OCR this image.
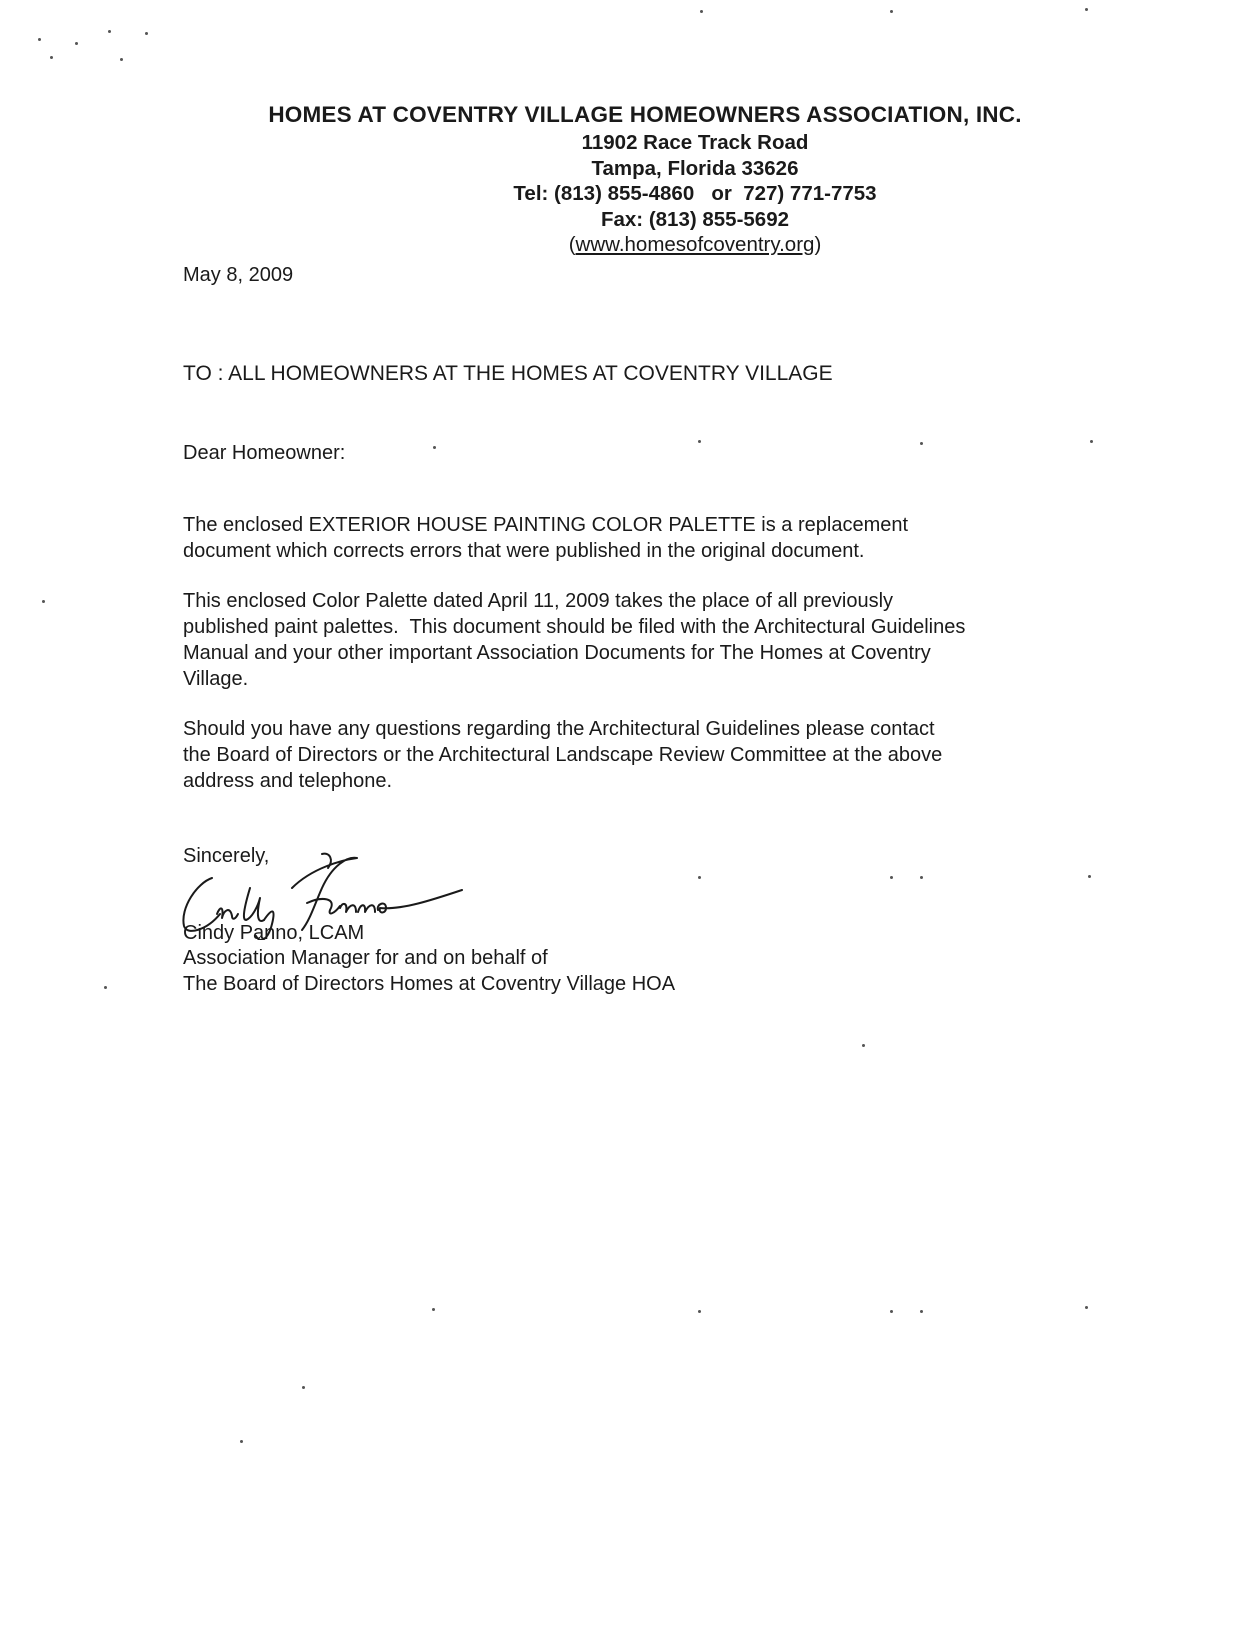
HOMES AT COVENTRY VILLAGE HOMEOWNERS ASSOCIATION, INC.
11902 Race Track Road
Tampa, Florida 33626
Tel: (813) 855-4860   or  727) 771-7753
Fax: (813) 855-5692
(www.homesofcoventry.org)
May 8, 2009
TO : ALL HOMEOWNERS AT THE HOMES AT COVENTRY VILLAGE
Dear Homeowner:
The enclosed EXTERIOR HOUSE PAINTING COLOR PALETTE is a replacement
document which corrects errors that were published in the original document.
This enclosed Color Palette dated April 11, 2009 takes the place of all previously
published paint palettes.  This document should be filed with the Architectural Guidelines
Manual and your other important Association Documents for The Homes at Coventry
Village.
Should you have any questions regarding the Architectural Guidelines please contact
the Board of Directors or the Architectural Landscape Review Committee at the above
address and telephone.
Sincerely,
Cindy Panno, LCAM
Association Manager for and on behalf of
The Board of Directors Homes at Coventry Village HOA
